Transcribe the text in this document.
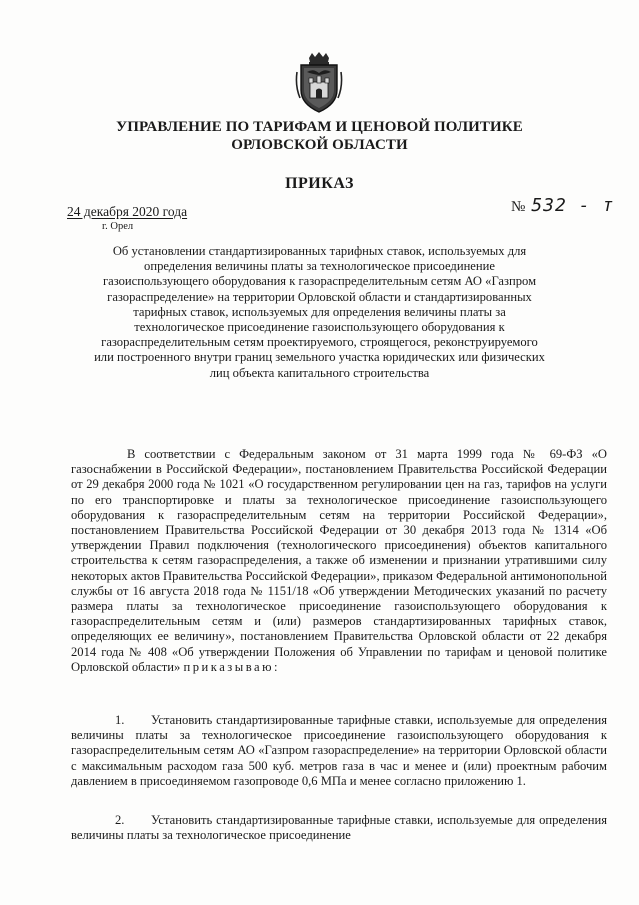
УПРАВЛЕНИЕ ПО ТАРИФАМ И ЦЕНОВОЙ ПОЛИТИКЕ
ОРЛОВСКОЙ ОБЛАСТИ
ПРИКАЗ
24 декабря 2020 года
г. Орел
№ 532 - т
Об установлении стандартизированных тарифных ставок, используемых для определения величины платы за технологическое присоединение газоиспользующего оборудования к газораспределительным сетям АО «Газпром газораспределение» на территории Орловской области и стандартизированных тарифных ставок, используемых для определения величины платы за технологическое присоединение газоиспользующего оборудования к газораспределительным сетям проектируемого, строящегося, реконструируемого или построенного внутри границ земельного участка юридических или физических лиц объекта капитального строительства
В соответствии с Федеральным законом от 31 марта 1999 года № 69-ФЗ «О газоснабжении в Российской Федерации», постановлением Правительства Российской Федерации от 29 декабря 2000 года № 1021 «О государственном регулировании цен на газ, тарифов на услуги по его транспортировке и платы за технологическое присоединение газоиспользующего оборудования к газораспределительным сетям на территории Российской Федерации», постановлением Правительства Российской Федерации от 30 декабря 2013 года № 1314 «Об утверждении Правил подключения (технологического присоединения) объектов капитального строительства к сетям газораспределения, а также об изменении и признании утратившими силу некоторых актов Правительства Российской Федерации», приказом Федеральной антимонопольной службы от 16 августа 2018 года № 1151/18 «Об утверждении Методических указаний по расчету размера платы за технологическое присоединение газоиспользующего оборудования к газораспределительным сетям и (или) размеров стандартизированных тарифных ставок, определяющих ее величину», постановлением Правительства Орловской области от 22 декабря 2014 года № 408 «Об утверждении Положения об Управлении по тарифам и ценовой политике Орловской области» приказываю:
1. Установить стандартизированные тарифные ставки, используемые для определения величины платы за технологическое присоединение газоиспользующего оборудования к газораспределительным сетям АО «Газпром газораспределение» на территории Орловской области с максимальным расходом газа 500 куб. метров газа в час и менее и (или) проектным рабочим давлением в присоединяемом газопроводе 0,6 МПа и менее согласно приложению 1.
2. Установить стандартизированные тарифные ставки, используемые для определения величины платы за технологическое присоединение
